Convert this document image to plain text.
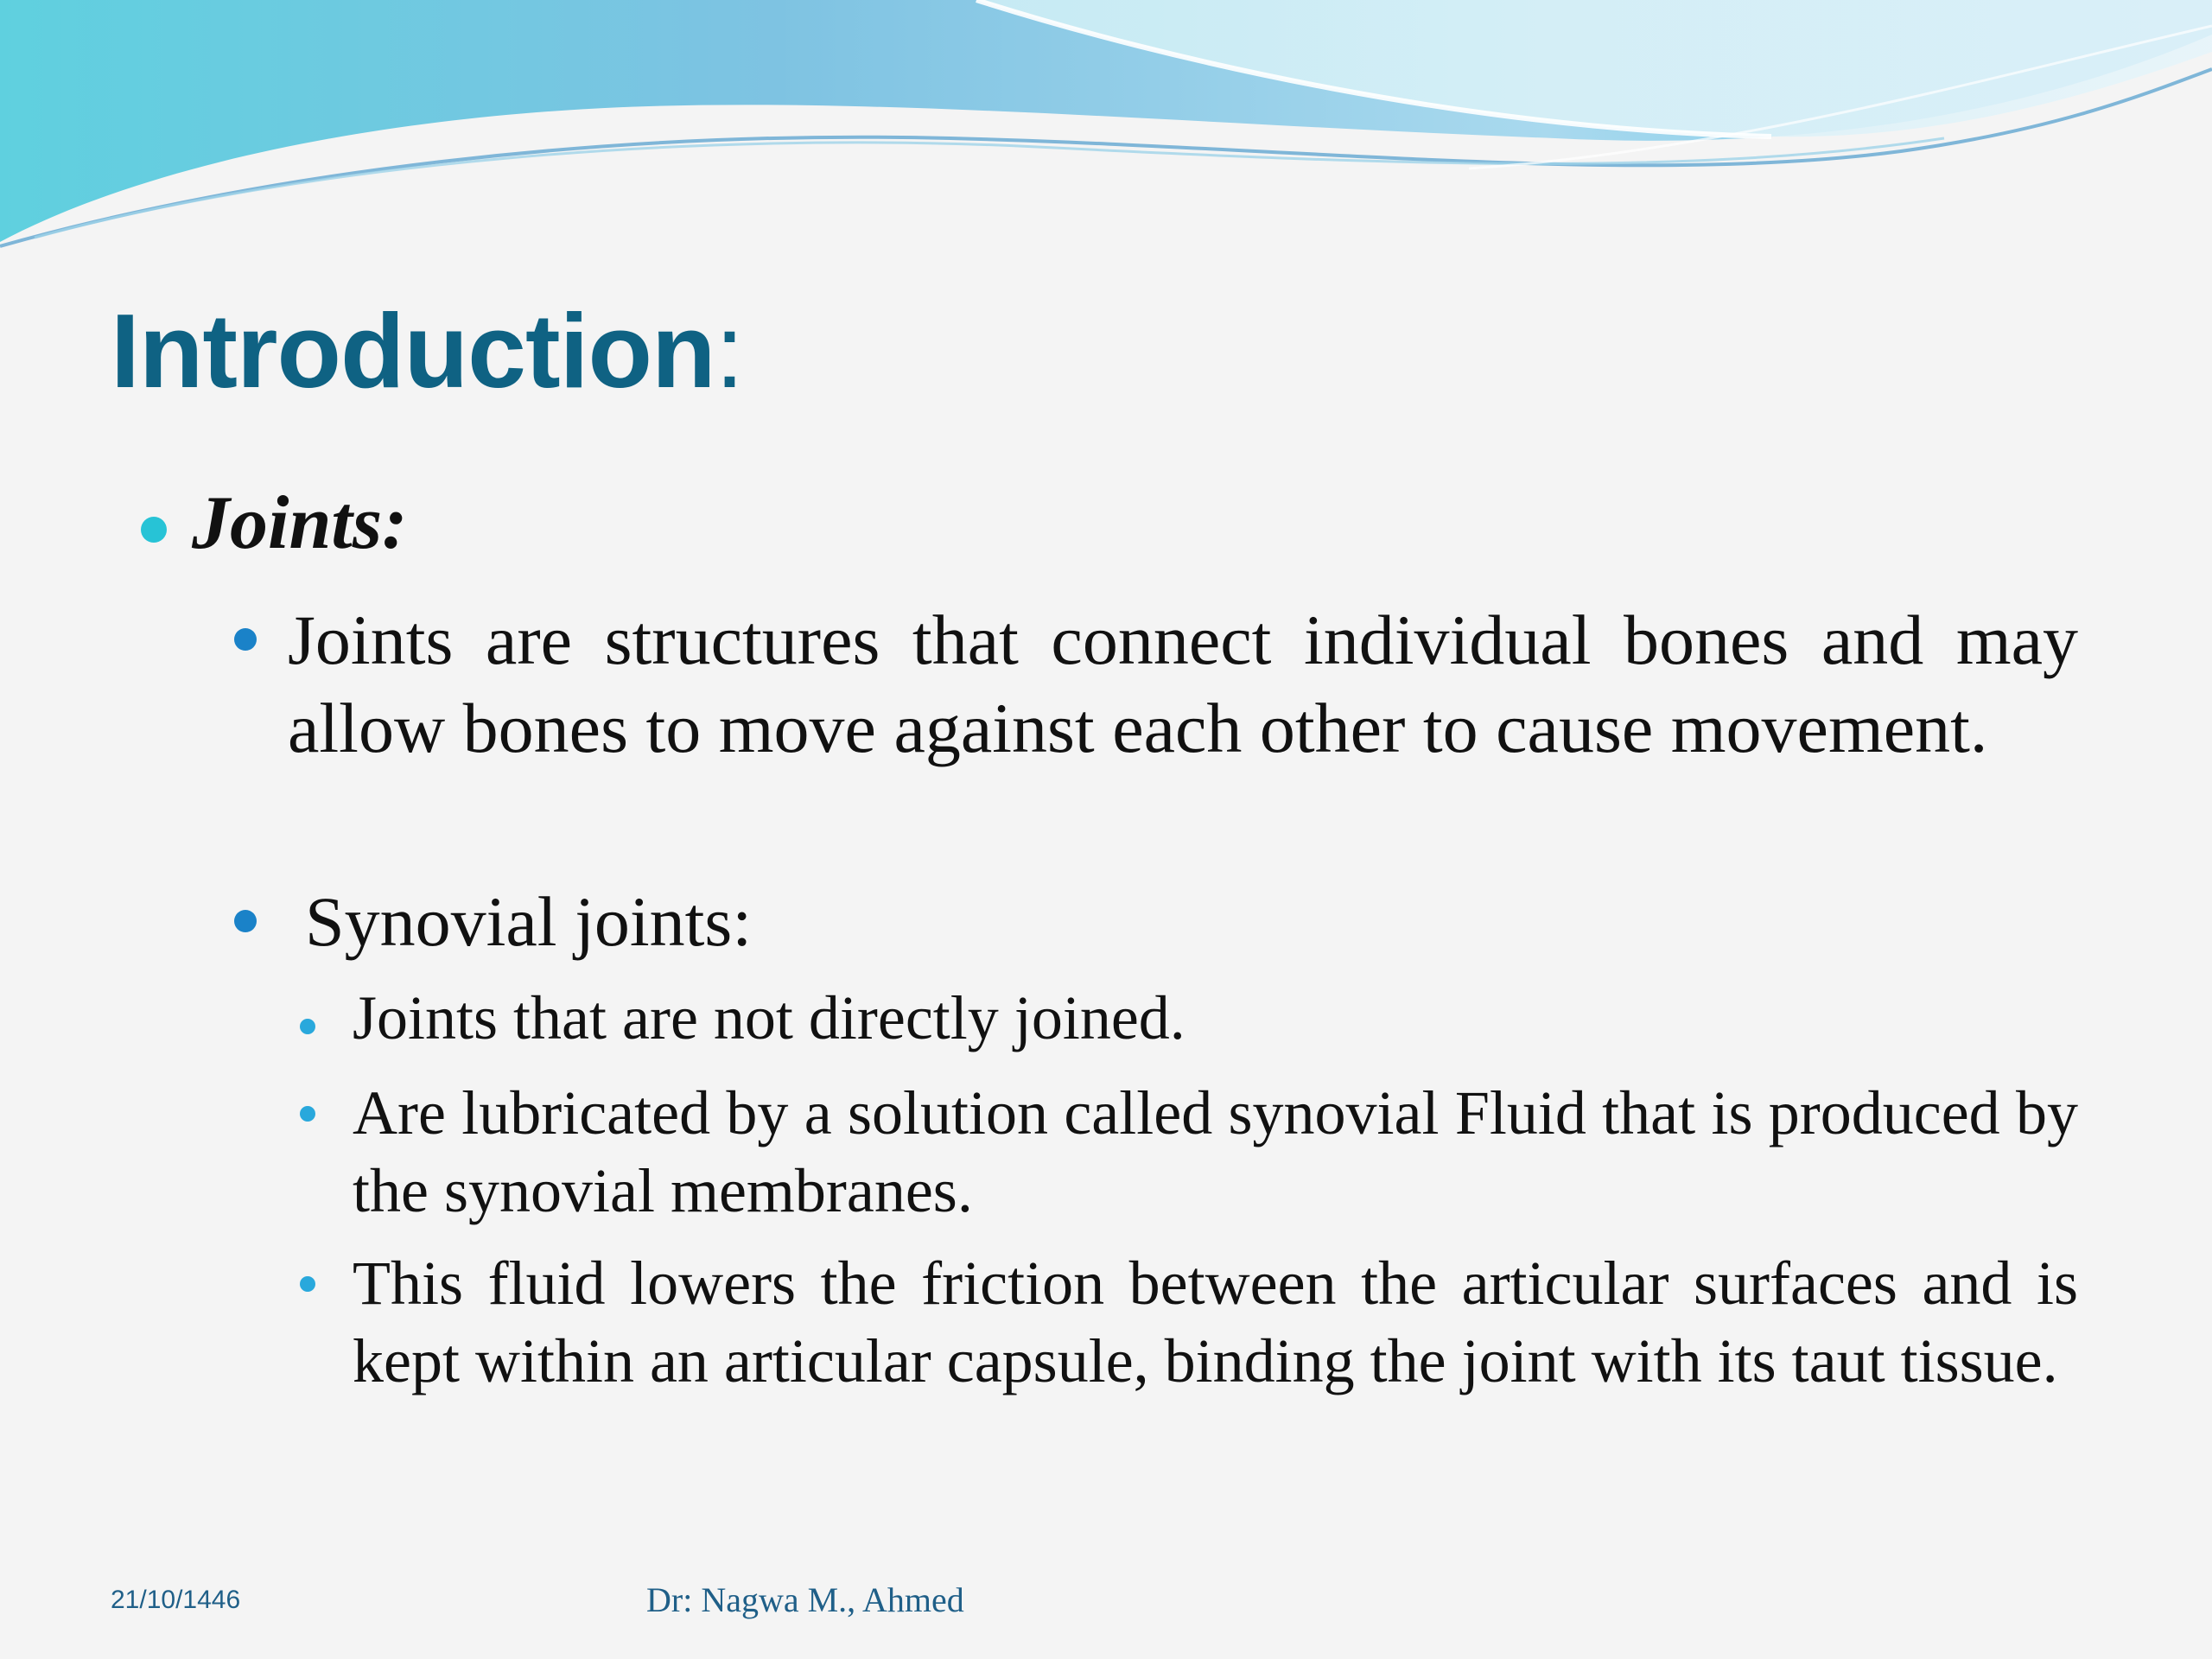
Introduction:

Joints:

Joints are structures that connect individual bones and may allow bones to move against each other to cause movement.

Synovial joints:

Joints that are not directly joined.

Are lubricated by a solution called synovial Fluid that is produced by the synovial membranes.

This fluid lowers the friction between the articular surfaces and is kept within an articular capsule, binding the joint with its taut tissue.

21/10/1446	Dr: Nagwa M., Ahmed
